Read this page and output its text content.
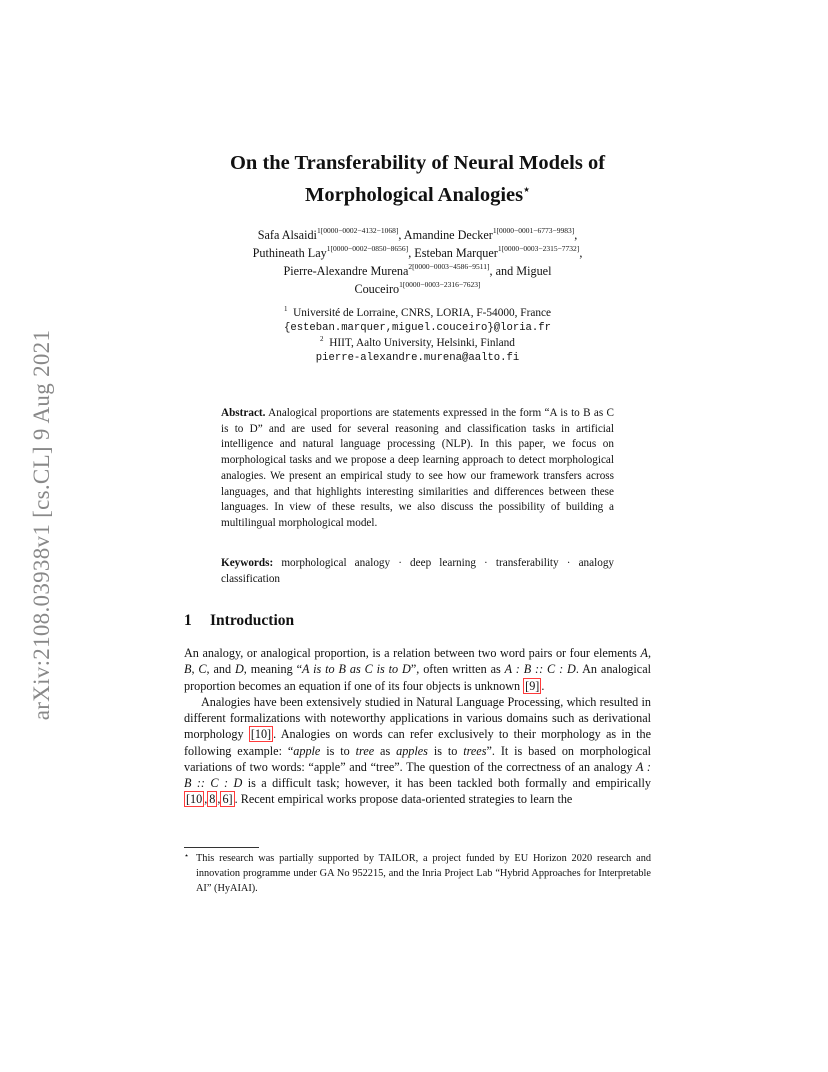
arXiv:2108.03938v1 [cs.CL] 9 Aug 2021
On the Transferability of Neural Models of
Morphological Analogies⋆
Safa Alsaidi$^{1[0000-0002-4132-1068]}$, Amandine Decker$^{1[0000-0001-6773-9983]}$,
Puthineath Lay$^{1[0000-0002-0850-8656]}$, Esteban Marquer$^{1[0000-0003-2315-7732]}$,
Pierre-Alexandre Murena$^{2[0000-0003-4586-9511]}$, and Miguel
Couceiro$^{1[0000-0003-2316-7623]}$
$^1$ Université de Lorraine, CNRS, LORIA, F-54000, France
{esteban.marquer,miguel.couceiro}@loria.fr
$^2$ HIIT, Aalto University, Helsinki, Finland
pierre-alexandre.murena@aalto.fi
Abstract. Analogical proportions are statements expressed in the form “A is to B as C is to D” and are used for several reasoning and classification tasks in artificial intelligence and natural language processing (NLP). In this paper, we focus on morphological tasks and we propose a deep learning approach to detect morphological analogies. We present an empirical study to see how our framework transfers across languages, and that highlights interesting similarities and differences between these languages. In view of these results, we also discuss the possibility of building a multilingual morphological model.
Keywords: morphological analogy · deep learning · transferability · analogy classification
1 Introduction

An analogy, or analogical proportion, is a relation between two word pairs or four elements A, B, C, and D, meaning “A is to B as C is to D”, often written as A : B :: C : D. An analogical proportion becomes an equation if one of its four objects is unknown [9] .

Analogies have been extensively studied in Natural Language Processing, which resulted in different formalizations with noteworthy applications in various domains such as derivational morphology [10] . Analogies on words can refer exclusively to their morphology as in the following example: “apple is to tree as apples is to trees”. It is based on morphological variations of two words: “apple” and “tree”. The question of the correctness of an analogy A : B :: C : D is a difficult task; however, it has been tackled both formally and empirically [10 , 8 , 6] . Recent empirical works propose data-oriented strategies to learn the

⋆ This research was partially supported by TAILOR, a project funded by EU Horizon 2020 research and innovation programme under GA No 952215, and the Inria Project Lab “Hybrid Approaches for Interpretable AI” (HyAIAI).
